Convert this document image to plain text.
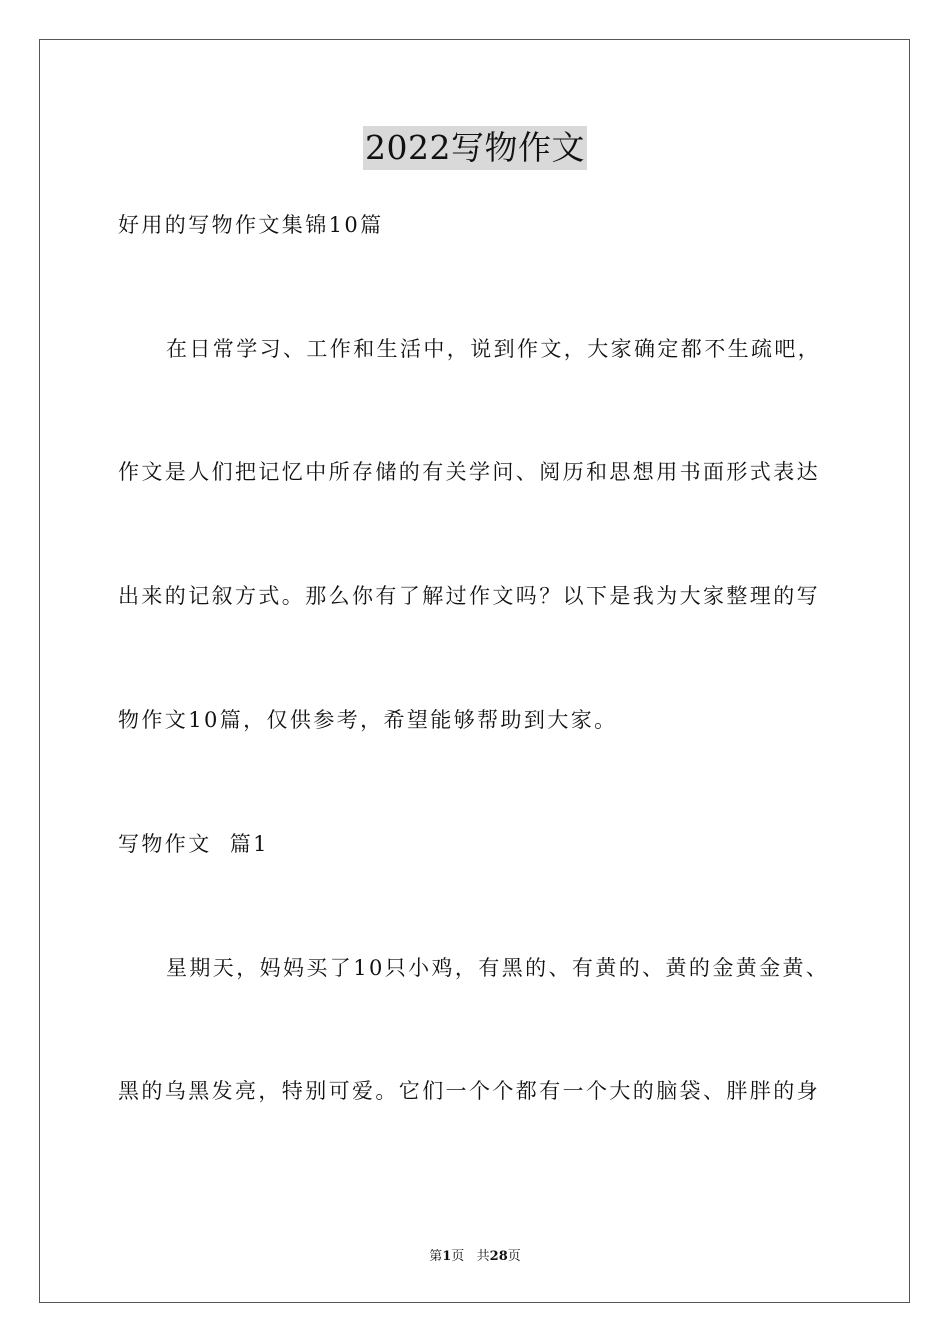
2022写物作文
好用的写物作文集锦10篇
在日常学习、工作和生活中，说到作文，大家确定都不生疏吧，
作文是人们把记忆中所存储的有关学问、阅历和思想用书面形式表达
出来的记叙方式。那么你有了解过作文吗？以下是我为大家整理的写
物作文10篇，仅供参考，希望能够帮助到大家。
写物作文  篇1
星期天，妈妈买了10只小鸡，有黑的、有黄的、黄的金黄金黄、
黑的乌黑发亮，特别可爱。它们一个个都有一个大的脑袋、胖胖的身
第1页   共28页
